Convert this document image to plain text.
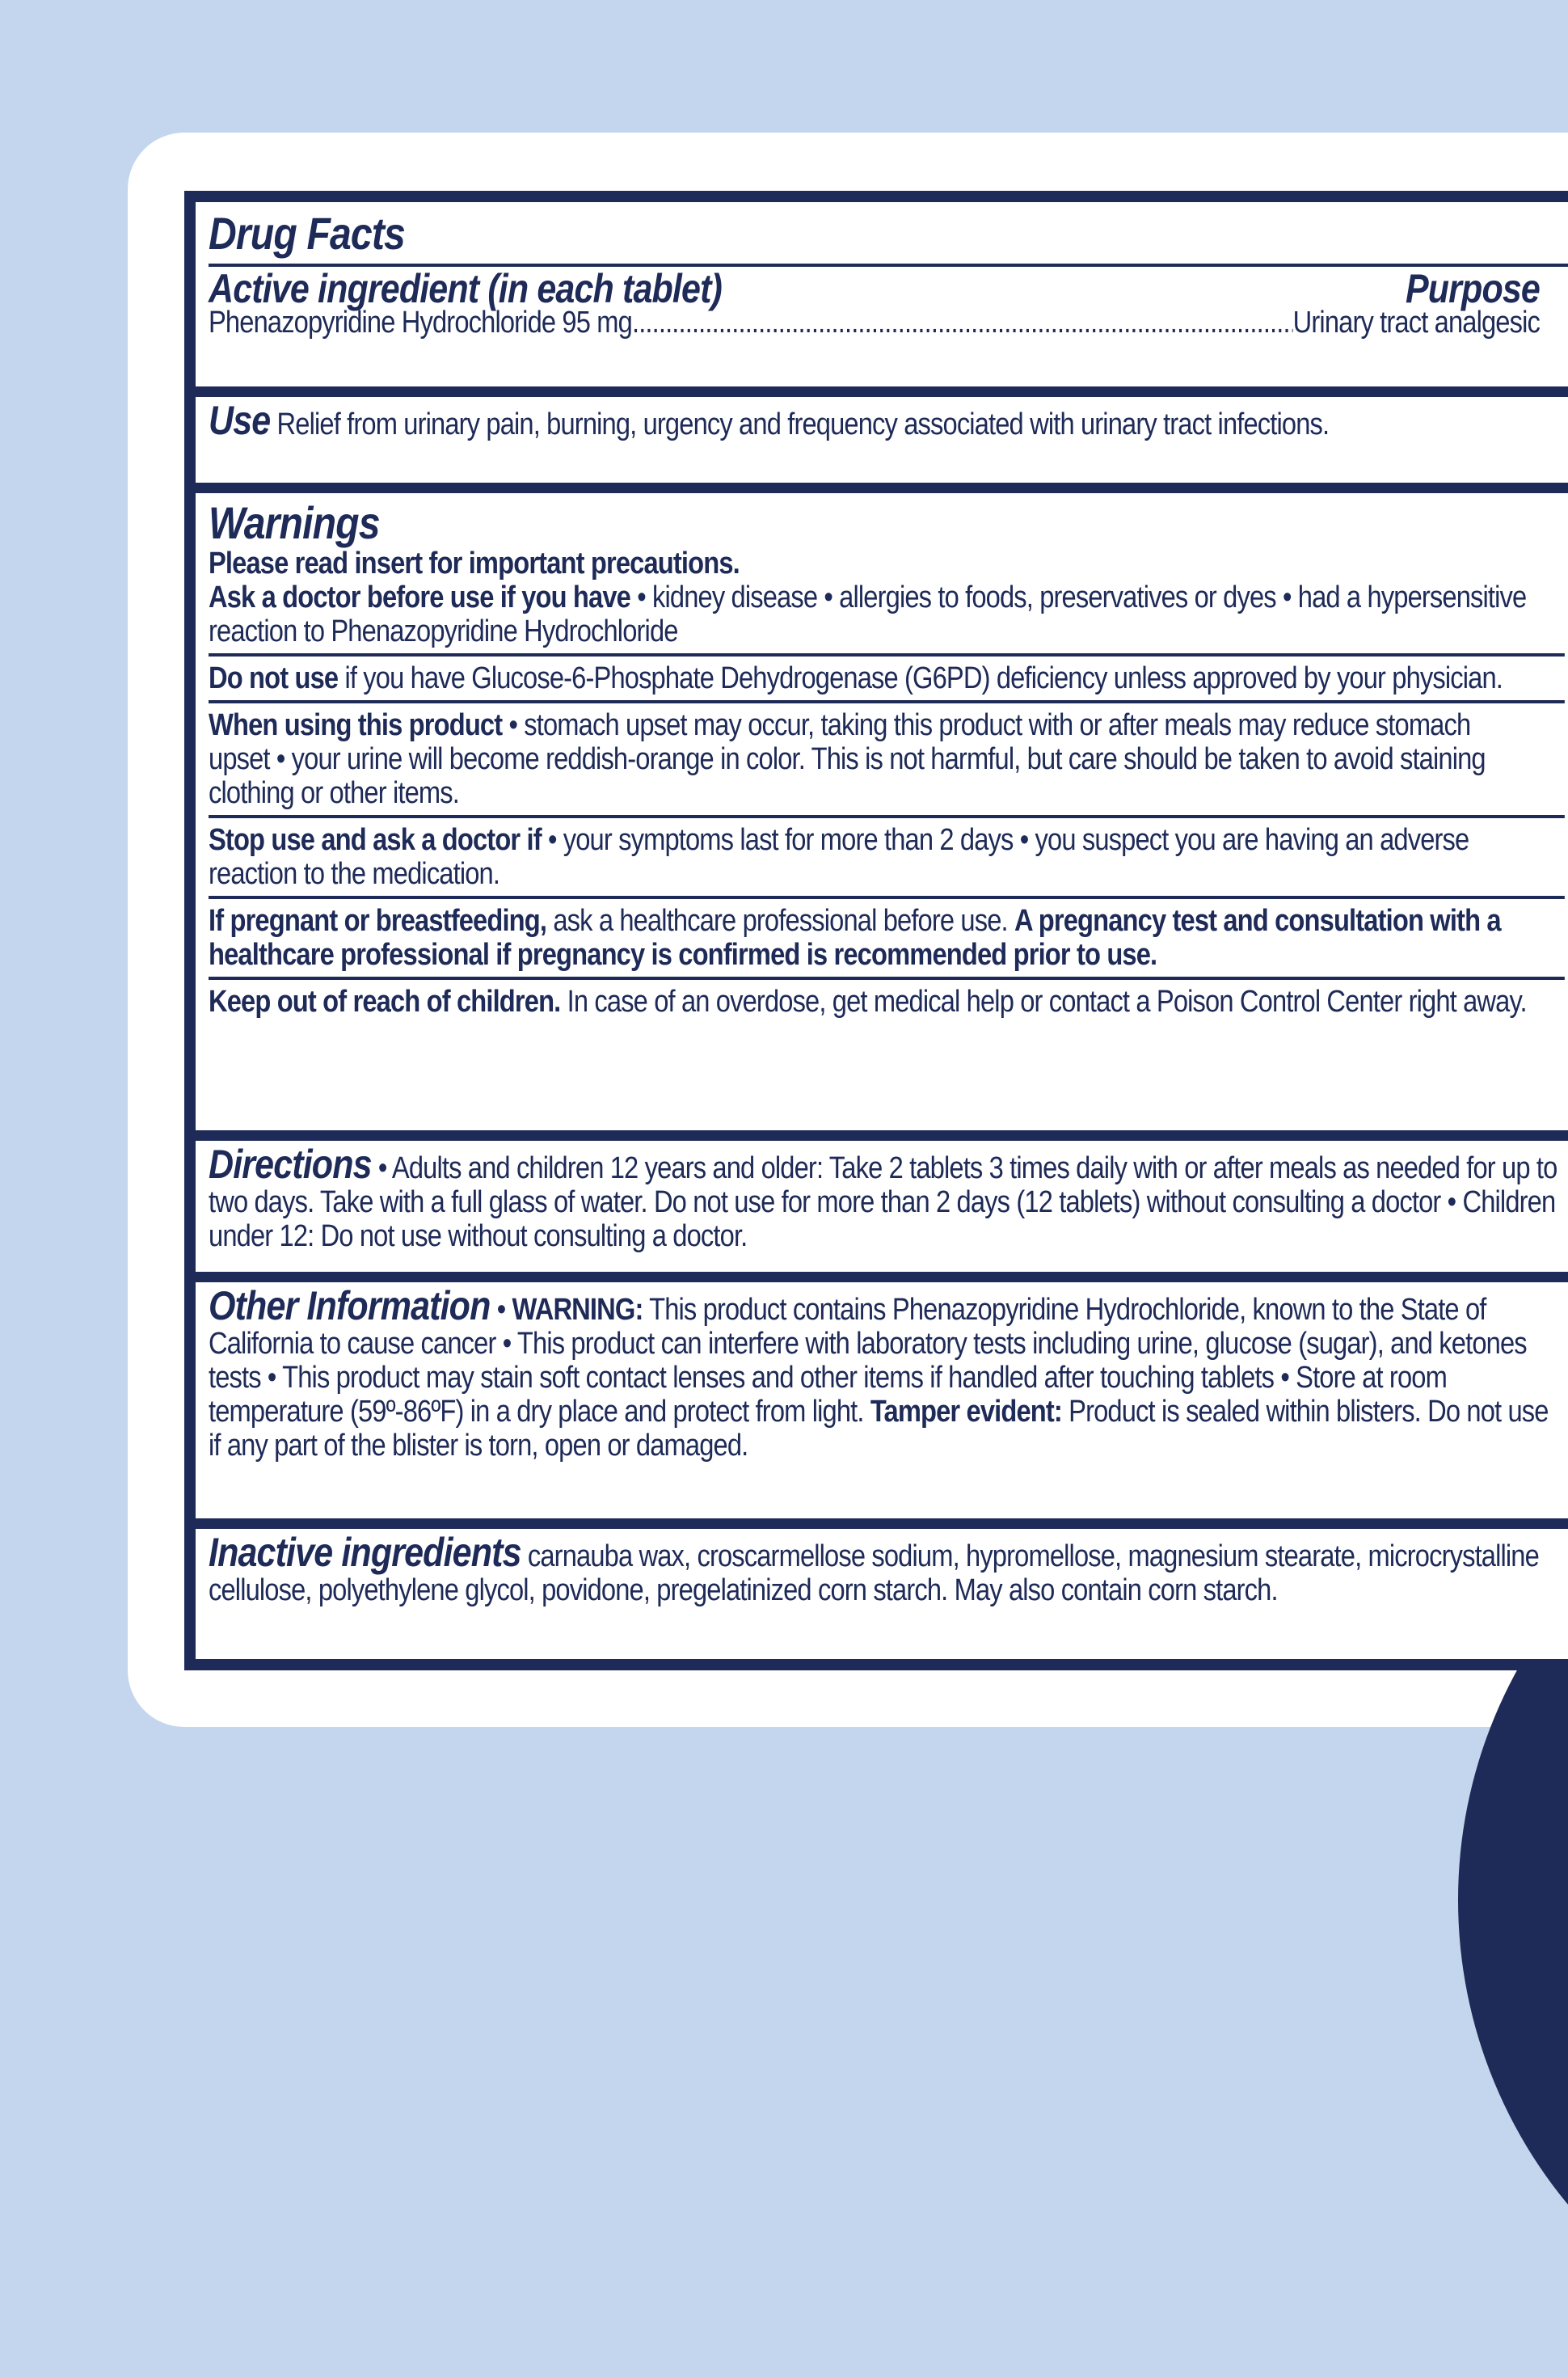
Drug Facts
Active ingredient (in each tablet)	Purpose
Phenazopyridine Hydrochloride 95 mg
.....	Urinary tract analgesic
Use Relief from urinary pain, burning, urgency and frequency associated with urinary tract infections.
Warnings
Please read insert for important precautions.
Ask a doctor before use if you have • kidney disease • allergies to foods, preservatives or dyes • had a hypersensitive reaction to Phenazopyridine Hydrochloride
Do not use if you have Glucose-6-Phosphate Dehydrogenase (G6PD) deficiency unless approved by your physician.
When using this product • stomach upset may occur, taking this product with or after meals may reduce stomach upset • your urine will become reddish-orange in color. This is not harmful, but care should be taken to avoid staining clothing or other items.
Stop use and ask a doctor if • your symptoms last for more than 2 days • you suspect you are having an adverse reaction to the medication.
If pregnant or breastfeeding, ask a healthcare professional before use. A pregnancy test and consultation with a healthcare professional if pregnancy is confirmed is recommended prior to use.
Keep out of reach of children. In case of an overdose, get medical help or contact a Poison Control Center right away.
Directions • Adults and children 12 years and older: Take 2 tablets 3 times daily with or after meals as needed for up to two days. Take with a full glass of water. Do not use for more than 2 days (12 tablets) without consulting a doctor • Children under 12: Do not use without consulting a doctor.
Other Information • WARNING: This product contains Phenazopyridine Hydrochloride, known to the State of California to cause cancer • This product can interfere with laboratory tests including urine, glucose (sugar), and ketones tests • This product may stain soft contact lenses and other items if handled after touching tablets • Store at room temperature (59º-86ºF) in a dry place and protect from light. Tamper evident: Product is sealed within blisters. Do not use if any part of the blister is torn, open or damaged.
Inactive ingredients carnauba wax, croscarmellose sodium, hypromellose, magnesium stearate, microcrystalline cellulose, polyethylene glycol, povidone, pregelatinized corn starch. May also contain corn starch.
